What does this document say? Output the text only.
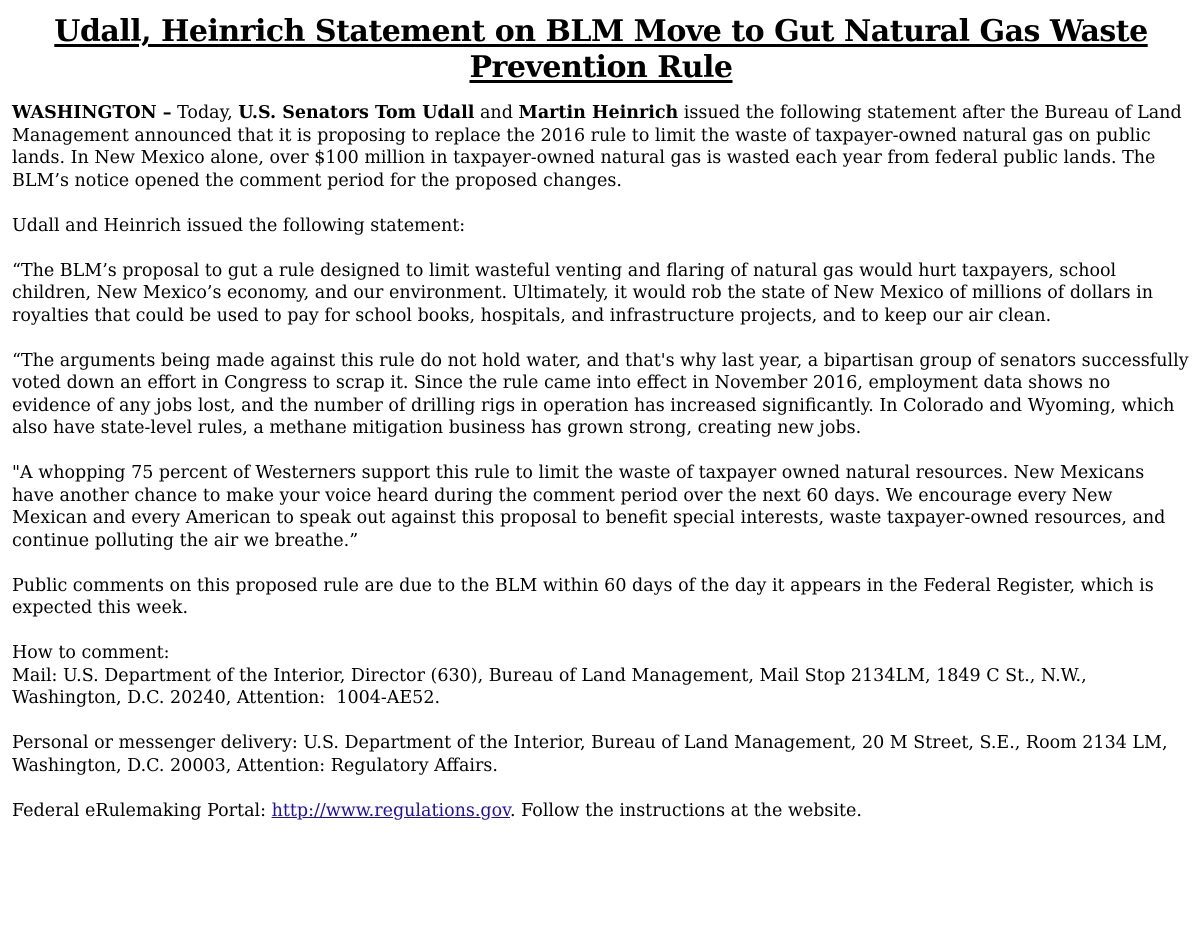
Udall, Heinrich Statement on BLM Move to Gut Natural Gas Waste Prevention Rule

WASHINGTON – Today, U.S. Senators Tom Udall and Martin Heinrich issued the following statement after the Bureau of Land Management announced that it is proposing to replace the 2016 rule to limit the waste of taxpayer-owned natural gas on public lands. In New Mexico alone, over $100 million in taxpayer-owned natural gas is wasted each year from federal public lands. The BLM’s notice opened the comment period for the proposed changes.

Udall and Heinrich issued the following statement:

“The BLM’s proposal to gut a rule designed to limit wasteful venting and flaring of natural gas would hurt taxpayers, school children, New Mexico’s economy, and our environment. Ultimately, it would rob the state of New Mexico of millions of dollars in royalties that could be used to pay for school books, hospitals, and infrastructure projects, and to keep our air clean.

“The arguments being made against this rule do not hold water, and that's why last year, a bipartisan group of senators successfully voted down an effort in Congress to scrap it. Since the rule came into effect in November 2016, employment data shows no evidence of any jobs lost, and the number of drilling rigs in operation has increased significantly. In Colorado and Wyoming, which also have state-level rules, a methane mitigation business has grown strong, creating new jobs.

"A whopping 75 percent of Westerners support this rule to limit the waste of taxpayer owned natural resources. New Mexicans have another chance to make your voice heard during the comment period over the next 60 days. We encourage every New Mexican and every American to speak out against this proposal to benefit special interests, waste taxpayer-owned resources, and continue polluting the air we breathe.”

Public comments on this proposed rule are due to the BLM within 60 days of the day it appears in the Federal Register, which is expected this week.

How to comment:

Mail: U.S. Department of the Interior, Director (630), Bureau of Land Management, Mail Stop 2134LM, 1849 C St., N.W., Washington, D.C. 20240, Attention:  1004-AE52.

Personal or messenger delivery: U.S. Department of the Interior, Bureau of Land Management, 20 M Street, S.E., Room 2134 LM, Washington, D.C. 20003, Attention: Regulatory Affairs.

Federal eRulemaking Portal: http://www.regulations.gov. Follow the instructions at the website.
